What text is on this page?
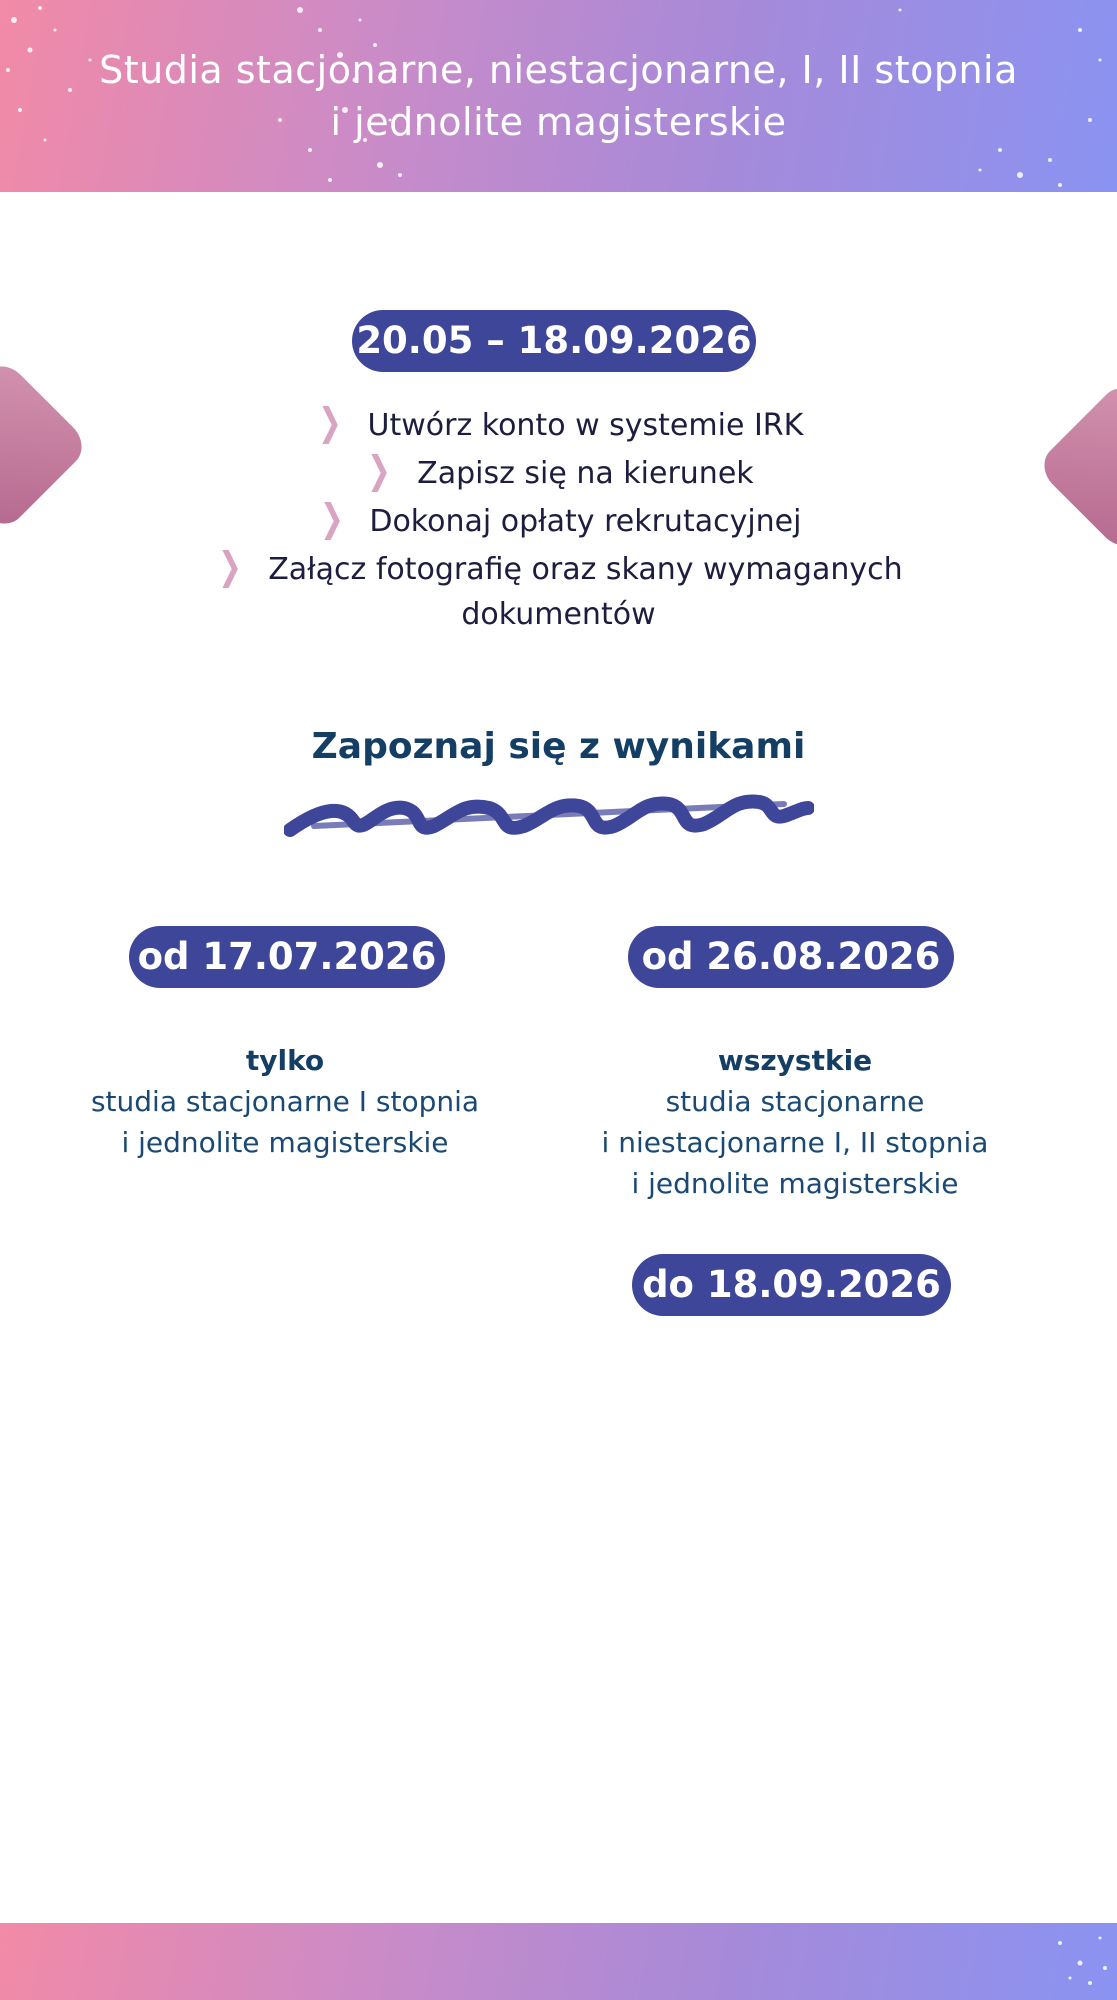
Studia stacjonarne, niestacjonarne, I, II stopnia
i jednolite magisterskie
20.05 – 18.09.2026
❯ Utwórz konto w systemie IRK
❯ Zapisz się na kierunek
❯ Dokonaj opłaty rekrutacyjnej
❯ Załącz fotografię oraz skany wymaganych
dokumentów
Zapoznaj się z wynikami
od 17.07.2026
tylko
studia stacjonarne I stopnia
i jednolite magisterskie
od 26.08.2026
wszystkie
studia stacjonarne
i niestacjonarne I, II stopnia
i jednolite magisterskie
do 18.09.2026
